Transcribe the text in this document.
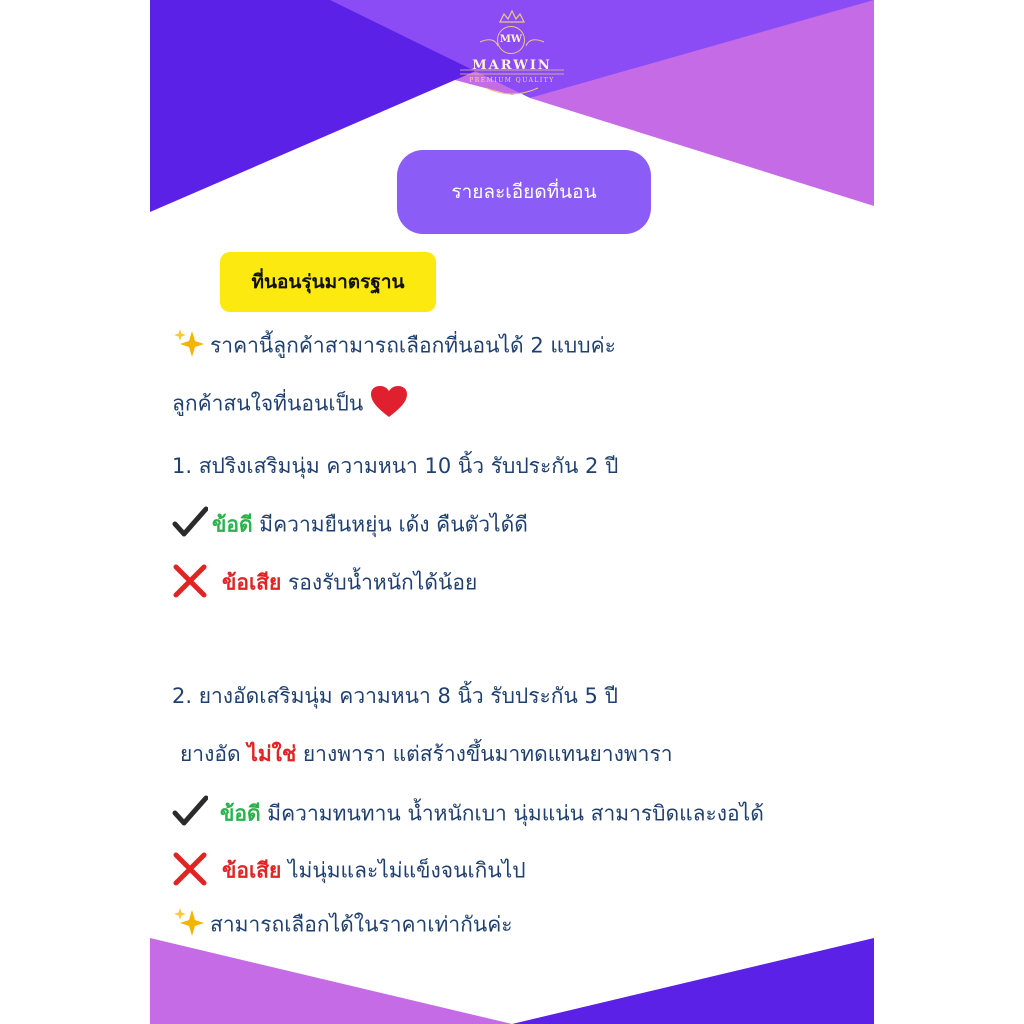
MW
MARWIN
PREMIUM QUALITY
รายละเอียดที่นอน
ที่นอนรุ่นมาตรฐาน
ราคานี้ลูกค้าสามารถเลือกที่นอนได้ 2 แบบค่ะ
ลูกค้าสนใจที่นอนเป็น
1. สปริงเสริมนุ่ม ความหนา 10 นิ้ว รับประกัน 2 ปี
ข้อดี มีความยืนหยุ่น เด้ง คืนตัวได้ดี
ข้อเสีย รองรับน้ำหนักได้น้อย
2. ยางอัดเสริมนุ่ม ความหนา 8 นิ้ว รับประกัน 5 ปี
ยางอัด ไม่ใช่ ยางพารา แต่สร้างขึ้นมาทดแทนยางพารา
ข้อดี มีความทนทาน น้ำหนักเบา นุ่มแน่น สามารบิดและงอได้
ข้อเสีย ไม่นุ่มและไม่แข็งจนเกินไป
สามารถเลือกได้ในราคาเท่ากันค่ะ
